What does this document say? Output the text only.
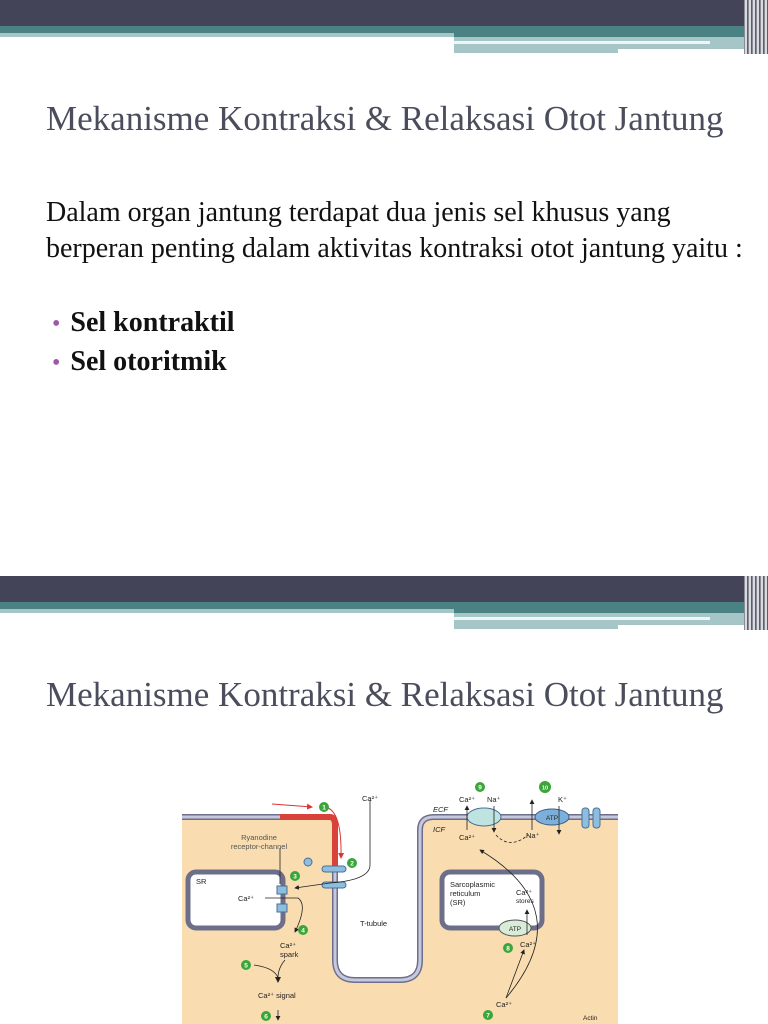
Mekanisme Kontraksi & Relaksasi Otot Jantung
Dalam organ jantung terdapat dua jenis sel khusus yang berperan penting dalam aktivitas kontraksi otot jantung yaitu :
• Sel kontraktil
• Sel otoritmik
Mekanisme Kontraksi & Relaksasi Otot Jantung
Ca²⁺
Ryanodine
receptor-channel
SR
Ca²⁺
Ca²⁺
spark
Ca²⁺ signal
T-tubule
ECF
ICF
Ca²⁺ Na⁺
Ca²⁺	Na⁺
K⁺
ATP
Sarcoplasmic
reticulum
(SR)
Ca²⁺
stores
ATP
Ca²⁺
Ca²⁺
Actin
1
2
3
4
5
6	7
8
9	10
